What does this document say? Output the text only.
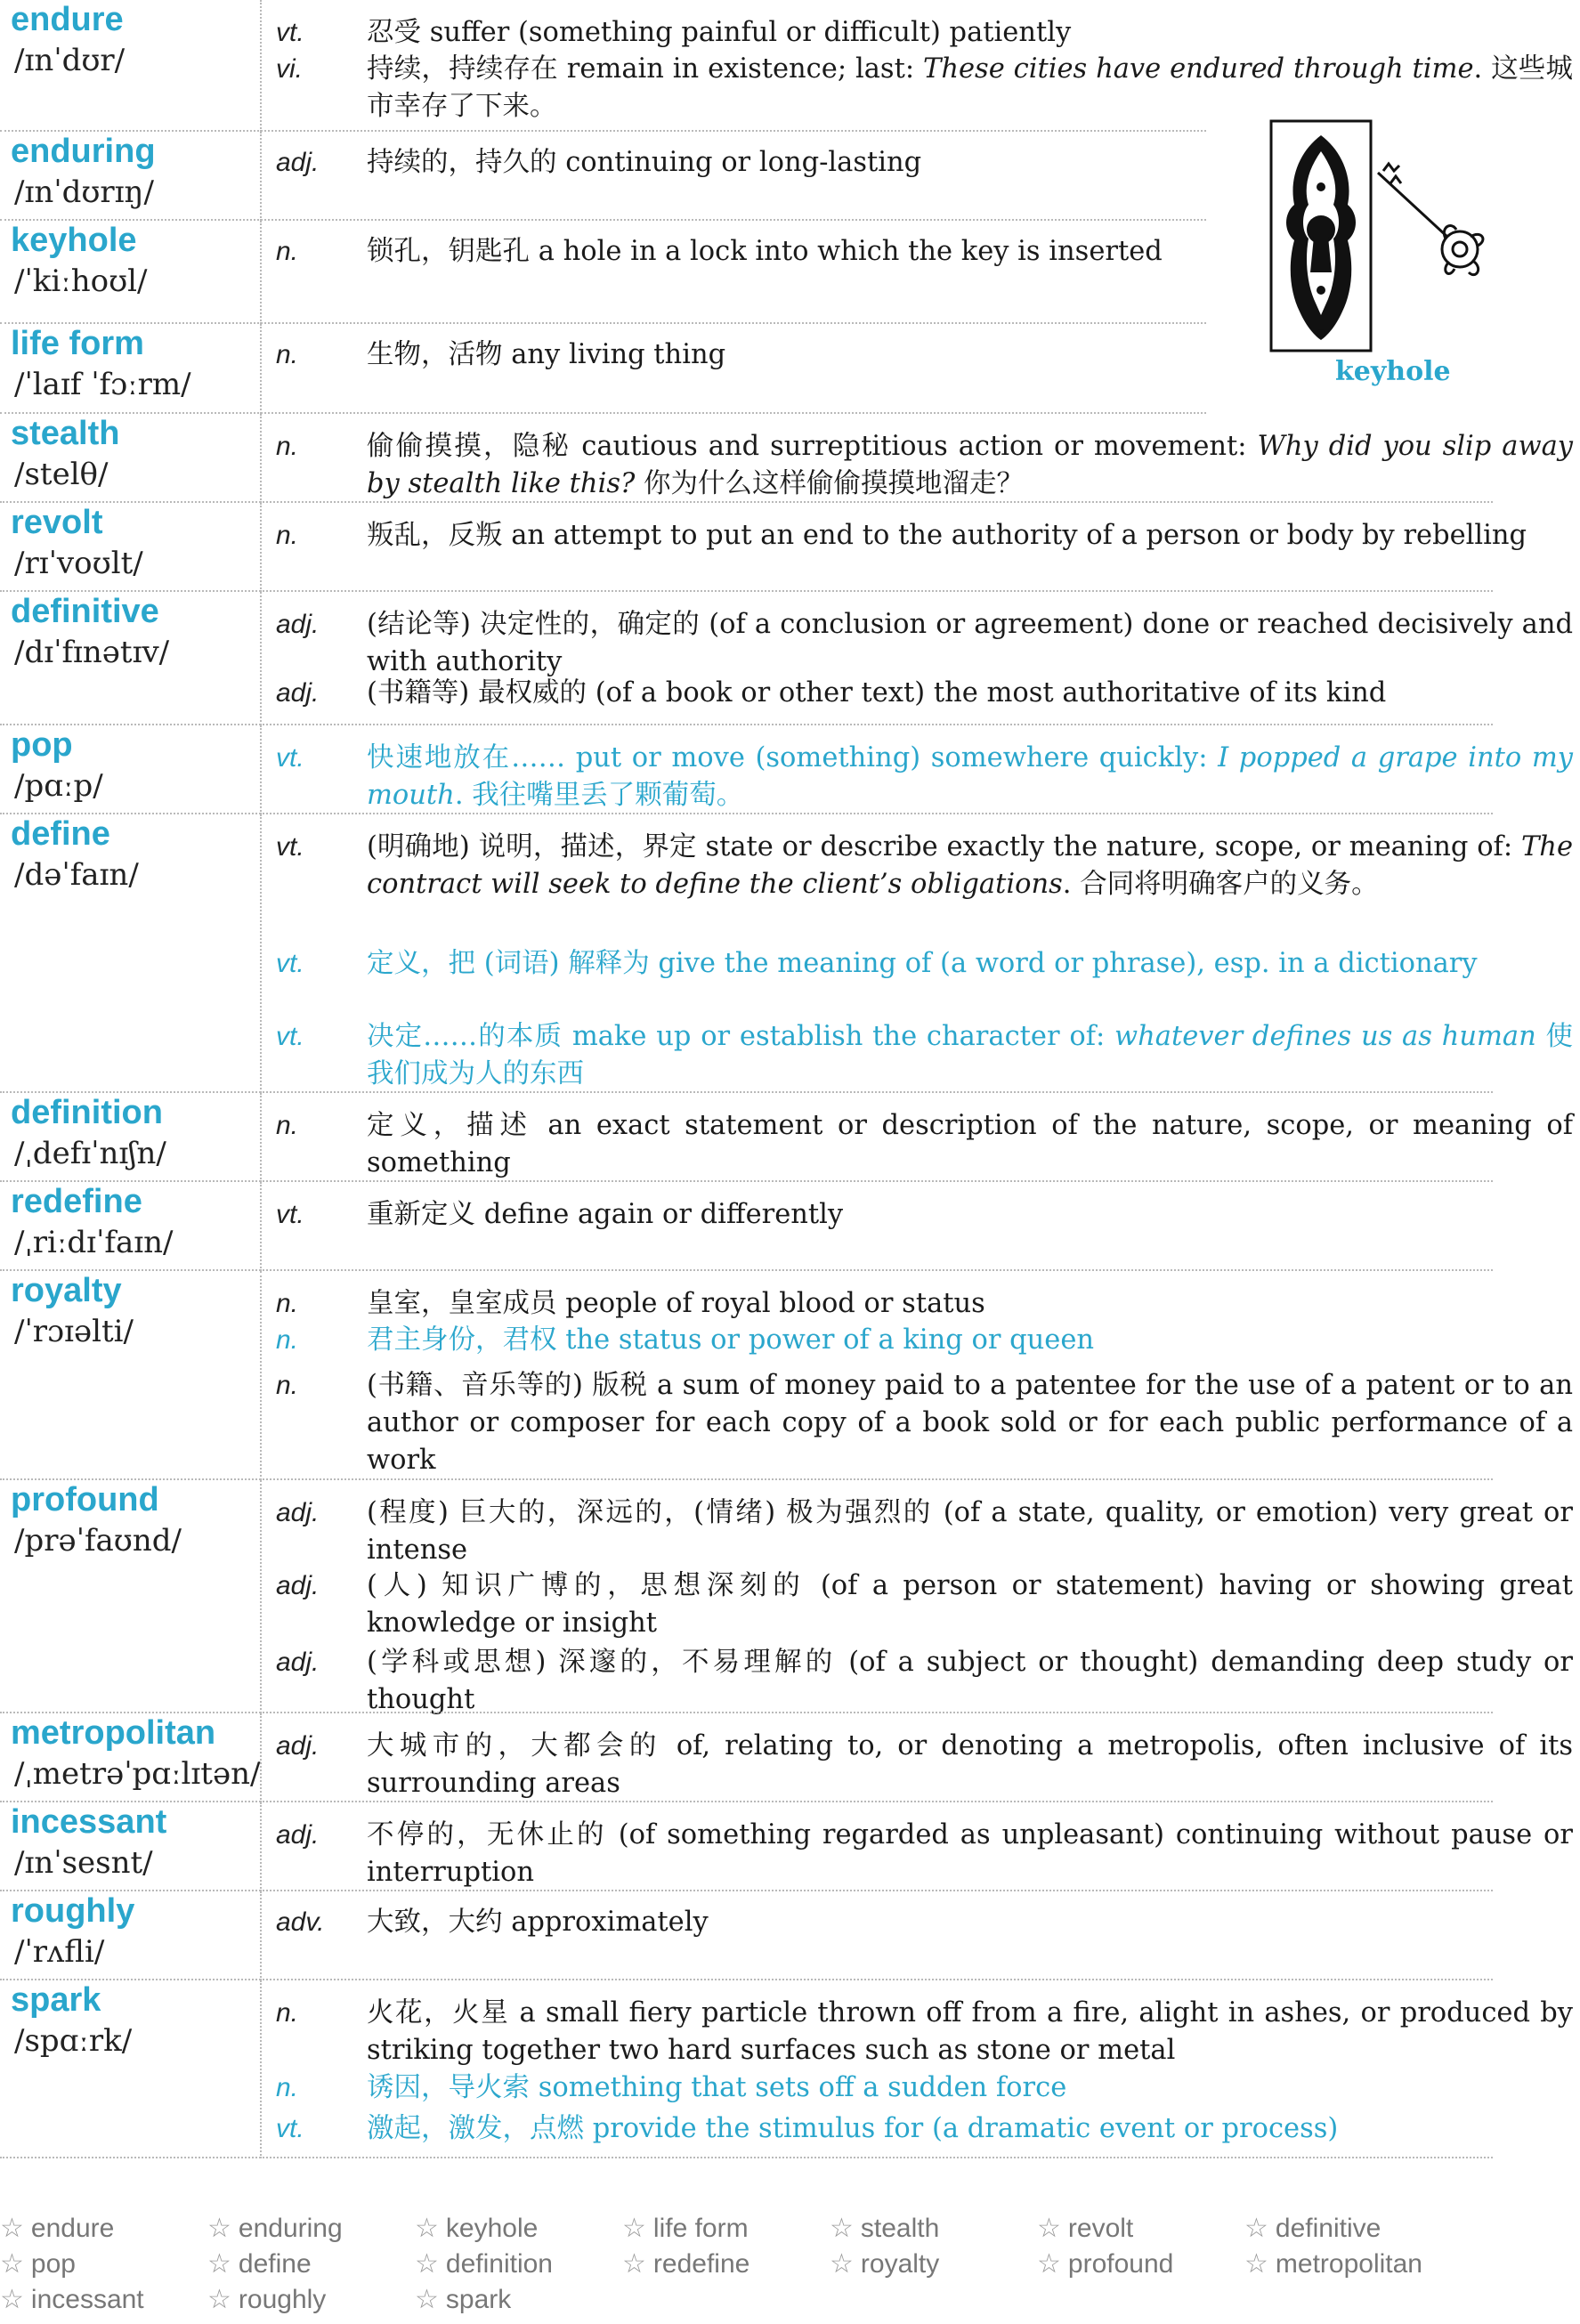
endure
/ɪnˈdʊr/
vt.	忍受 suffer (something painful or difficult) patiently
vi.	持续，持续存在 remain in existence; last: These cities have endured through time. 这些城市幸存了下来。
enduring
/ɪnˈdʊrɪŋ/
adj.	持续的，持久的 continuing or long-lasting
keyhole
/ˈkiːhoʊl/
n.	锁孔，钥匙孔 a hole in a lock into which the key is inserted
life form
/ˈlaɪf ˈfɔːrm/
n.	生物，活物 any living thing
stealth
/stelθ/
n.	偷偷摸摸，隐秘 cautious and surreptitious action or movement: Why did you slip away by stealth like this? 你为什么这样偷偷摸摸地溜走？
revolt
/rɪˈvoʊlt/
n.	叛乱，反叛 an attempt to put an end to the authority of a person or body by rebelling
definitive
/dɪˈfɪnətɪv/
adj.	(结论等) 决定性的，确定的 (of a conclusion or agreement) done or reached decisively and with authority
adj.	(书籍等) 最权威的 (of a book or other text) the most authoritative of its kind
pop
/pɑːp/
vt.	快速地放在…… put or move (something) somewhere quickly: I popped a grape into my mouth. 我往嘴里丢了颗葡萄。
define
/dəˈfaɪn/
vt.	(明确地) 说明，描述，界定 state or describe exactly the nature, scope, or meaning of: The contract will seek to define the client’s obligations. 合同将明确客户的义务。
vt.	定义，把 (词语) 解释为 give the meaning of (a word or phrase), esp. in a dictionary
vt.	决定……的本质 make up or establish the character of: whatever defines us as human 使我们成为人的东西
definition
/ˌdefɪˈnɪʃn/
n.	定义，描述 an exact statement or description of the nature, scope, or meaning of something
redefine
/ˌriːdɪˈfaɪn/
vt.	重新定义 define again or differently
royalty
/ˈrɔɪəlti/
n.	皇室，皇室成员 people of royal blood or status
n.	君主身份，君权 the status or power of a king or queen
n.	(书籍、音乐等的) 版税 a sum of money paid to a patentee for the use of a patent or to an author or composer for each copy of a book sold or for each public performance of a work
profound
/prəˈfaʊnd/
adj.	(程度) 巨大的，深远的，(情绪) 极为强烈的 (of a state, quality, or emotion) very great or intense
adj.	(人) 知识广博的，思想深刻的 (of a person or statement) having or showing great knowledge or insight
adj.	(学科或思想) 深邃的，不易理解的 (of a subject or thought) demanding deep study or thought
metropolitan
/ˌmetrəˈpɑːlɪtən/
adj.	大城市的，大都会的 of, relating to, or denoting a metropolis, often inclusive of its surrounding areas
incessant
/ɪnˈsesnt/
adj.	不停的，无休止的 (of something regarded as unpleasant) continuing without pause or interruption
roughly
/ˈrʌfli/
adv.	大致，大约 approximately
spark
/spɑːrk/
n.	火花，火星 a small fiery particle thrown off from a fire, alight in ashes, or produced by striking together two hard surfaces such as stone or metal
n.	诱因，导火索 something that sets off a sudden force
vt.	激起，激发，点燃 provide the stimulus for (a dramatic event or process)
keyhole
☆ endure	☆ enduring	☆ keyhole	☆ life form	☆ stealth	☆ revolt	☆ definitive
☆ pop	☆ define	☆ definition	☆ redefine	☆ royalty	☆ profound	☆ metropolitan
☆ incessant ☆ roughly	☆ spark
